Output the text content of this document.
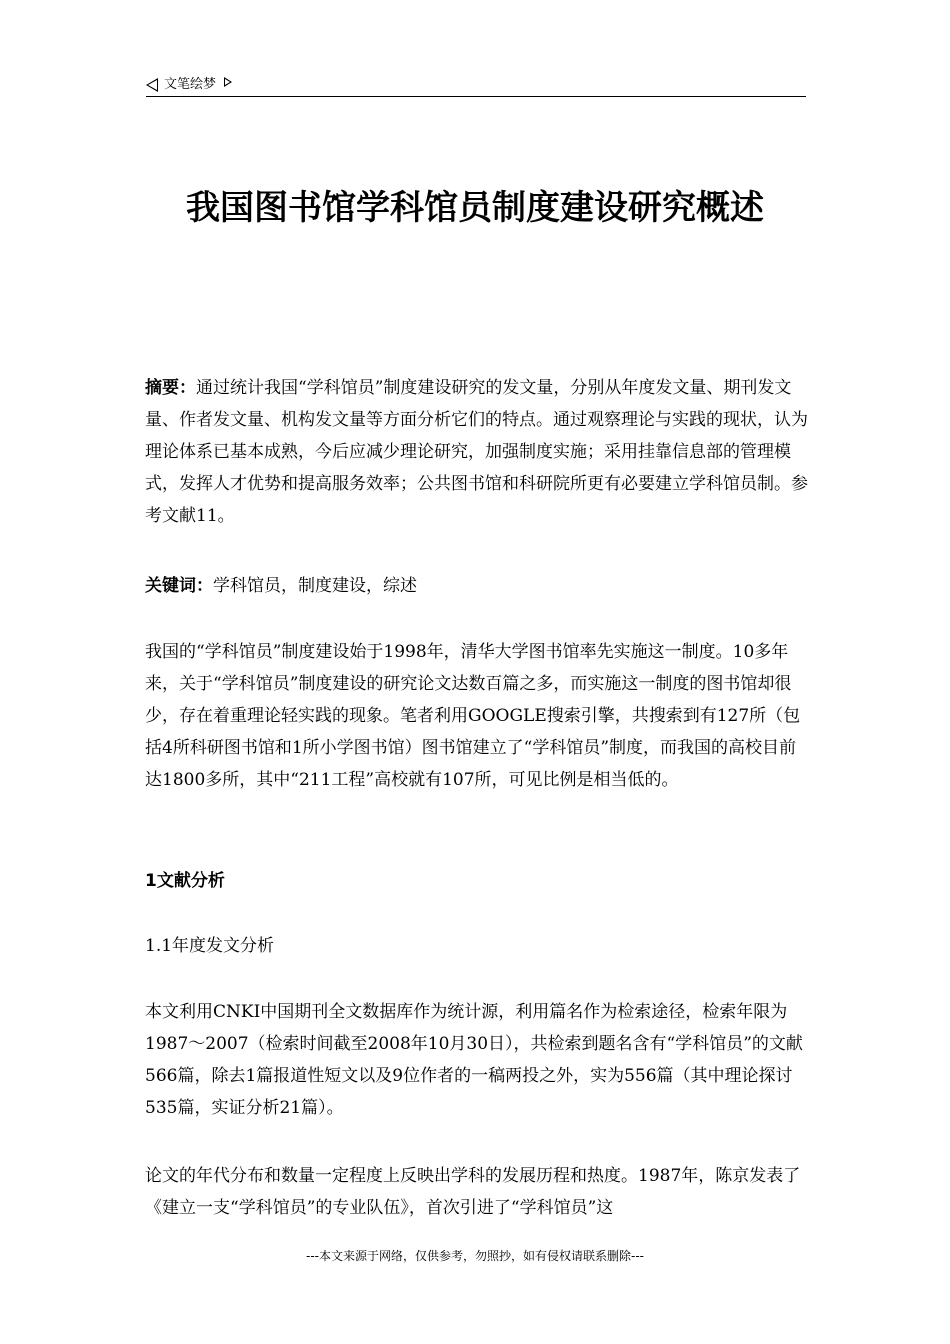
文笔绘梦
我国图书馆学科馆员制度建设研究概述

摘要：通过统计我国“学科馆员”制度建设研究的发文量，分别从年度发文量、期刊发文量、作者发文量、机构发文量等方面分析它们的特点。通过观察理论与实践的现状，认为理论体系已基本成熟，今后应减少理论研究，加强制度实施；采用挂靠信息部的管理模式，发挥人才优势和提高服务效率；公共图书馆和科研院所更有必要建立学科馆员制。参考文献11。

关键词：学科馆员，制度建设，综述

我国的“学科馆员”制度建设始于1998年，清华大学图书馆率先实施这一制度。10多年来，关于“学科馆员”制度建设的研究论文达数百篇之多，而实施这一制度的图书馆却很少，存在着重理论轻实践的现象。笔者利用GOOGLE搜索引擎，共搜索到有127所（包括4所科研图书馆和1所小学图书馆）图书馆建立了“学科馆员”制度，而我国的高校目前达1800多所，其中“211工程”高校就有107所，可见比例是相当低的。

1文献分析
1.1年度发文分析

本文利用CNKI中国期刊全文数据库作为统计源，利用篇名作为检索途径，检索年限为1987～2007（检索时间截至2008年10月30日），共检索到题名含有“学科馆员”的文献566篇，除去1篇报道性短文以及9位作者的一稿两投之外，实为556篇（其中理论探讨535篇，实证分析21篇）。

论文的年代分布和数量一定程度上反映出学科的发展历程和热度。1987年，陈京发表了《建立一支“学科馆员”的专业队伍》，首次引进了“学科馆员”这

---本文来源于网络，仅供参考，勿照抄，如有侵权请联系删除---
